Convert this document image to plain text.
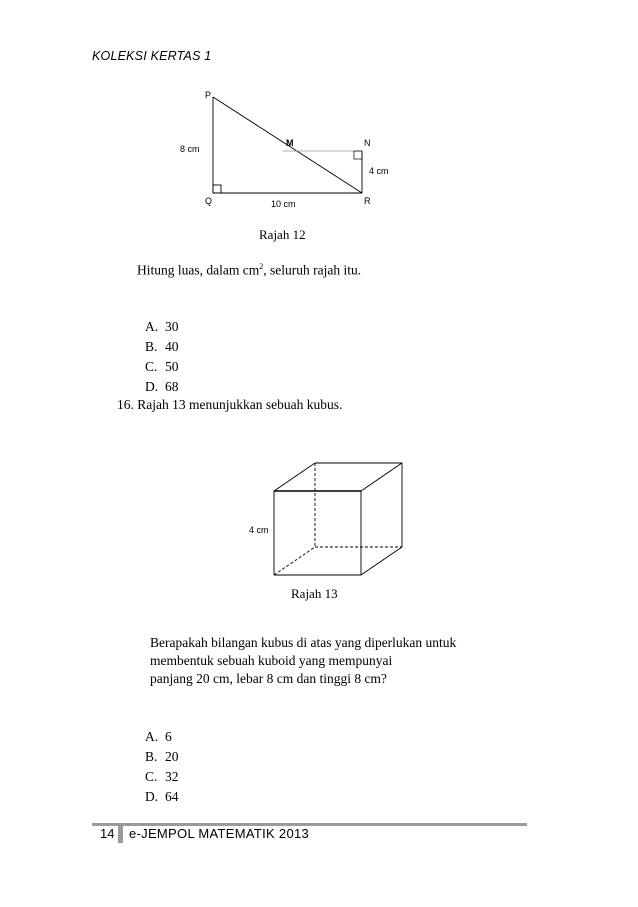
KOLEKSI KERTAS 1
P
8 cm
M	N
4 cm
Q	10 cm	R
Rajah 12
Hitung luas, dalam $cm^2$, seluruh rajah itu.
A. 30
B. 40
C. 50
D. 68
16. Rajah 13 menunjukkan sebuah kubus.
4 cm
Rajah 13
Berapakah bilangan kubus di atas yang diperlukan untuk
membentuk sebuah kuboid yang mempunyai
panjang 20 cm, lebar 8 cm dan tinggi 8 cm?
A. 6
B. 20
C. 32
D. 64
14 e-JEMPOL MATEMATIK 2013
